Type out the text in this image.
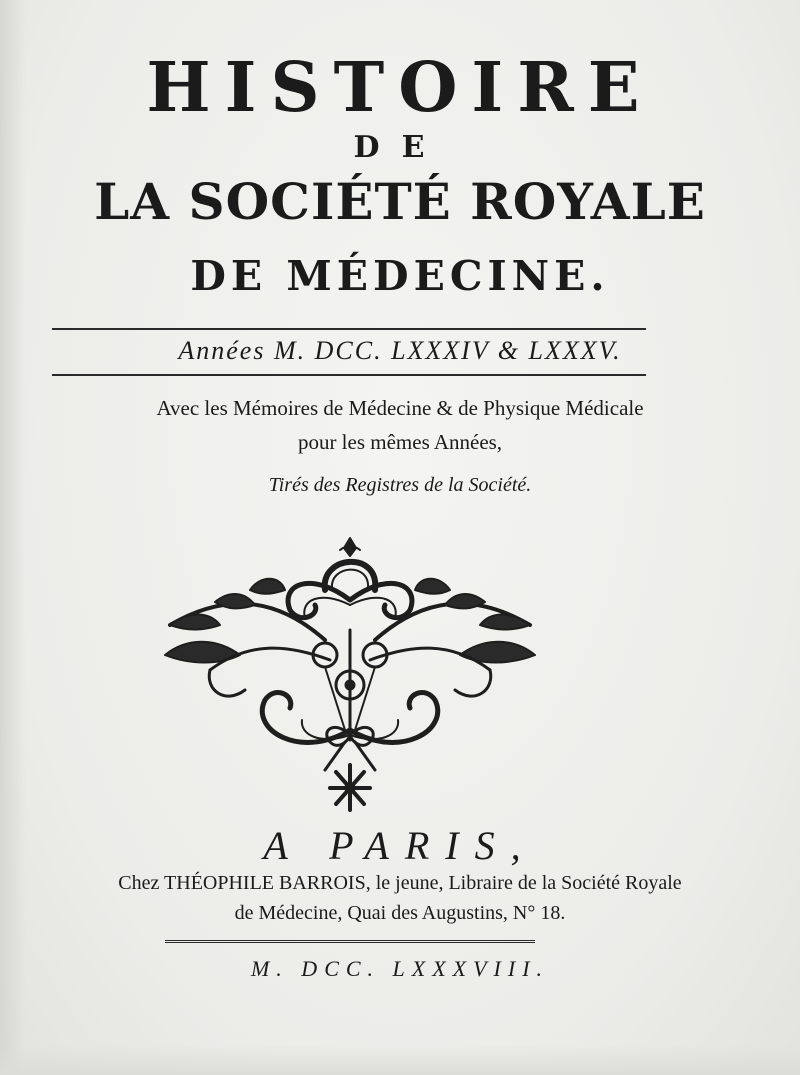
HISTOIRE
DE
LA SOCIÉTÉ ROYALE
DE MÉDECINE.
Années M. DCC. LXXXIV & LXXXV.
Avec les Mémoires de Médecine & de Physique Médicale
pour les mêmes Années,
Tirés des Registres de la Société.
A PARIS,
Chez THÉOPHILE BARROIS, le jeune, Libraire de la Société Royale
de Médecine, Quai des Augustins, N° 18.
M. DCC. LXXXVIII.
